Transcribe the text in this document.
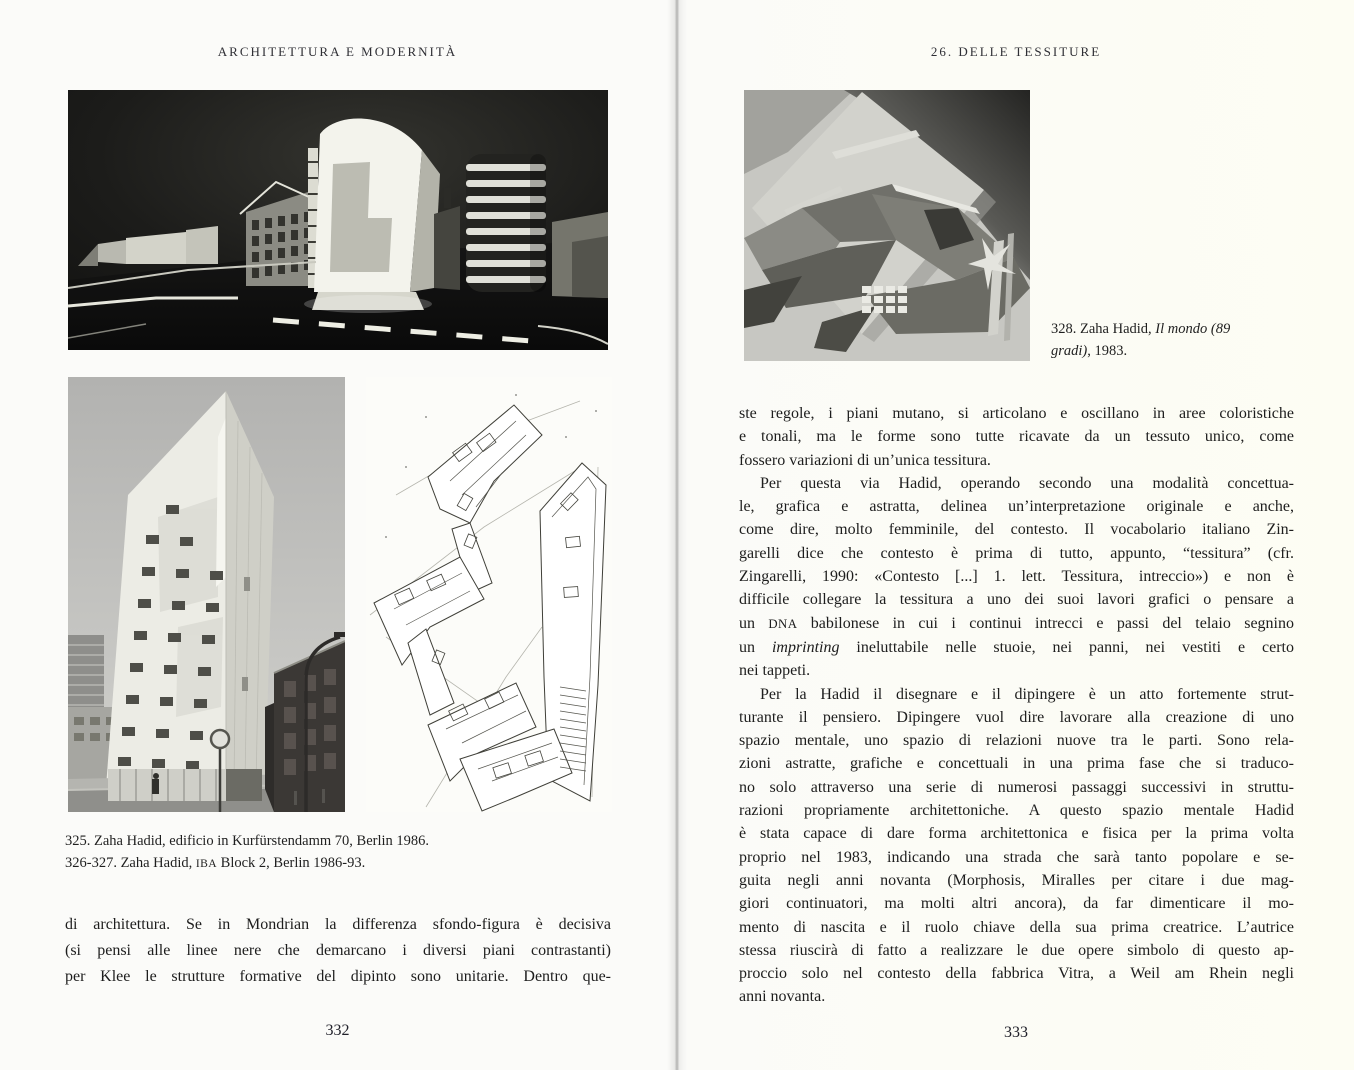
ARCHITETTURA E MODERNITÀ
325. Zaha Hadid, edificio in Kurfürstendamm 70, Berlin 1986.
326-327. Zaha Hadid, IBA Block 2, Berlin 1986-93.
di architettura. Se in Mondrian la differenza sfondo-figura è decisiva
(si pensi alle linee nere che demarcano i diversi piani contrastanti)
per Klee le strutture formative del dipinto sono unitarie. Dentro que-
332
26. DELLE TESSITURE
328. Zaha Hadid, Il mondo (89
gradi), 1983.
ste regole, i piani mutano, si articolano e oscillano in aree coloristiche
e tonali, ma le forme sono tutte ricavate da un tessuto unico, come
fossero variazioni di un’unica tessitura.
Per questa via Hadid, operando secondo una modalità concettua-
le, grafica e astratta, delinea un’interpretazione originale e anche,
come dire, molto femminile, del contesto. Il vocabolario italiano Zin-
garelli dice che contesto è prima di tutto, appunto, “tessitura” (cfr.
Zingarelli, 1990: «Contesto [...] 1. lett. Tessitura, intreccio») e non è
difficile collegare la tessitura a uno dei suoi lavori grafici o pensare a
un DNA babilonese in cui i continui intrecci e passi del telaio segnino
un imprinting ineluttabile nelle stuoie, nei panni, nei vestiti e certo
nei tappeti.
Per la Hadid il disegnare e il dipingere è un atto fortemente strut-
turante il pensiero. Dipingere vuol dire lavorare alla creazione di uno
spazio mentale, uno spazio di relazioni nuove tra le parti. Sono rela-
zioni astratte, grafiche e concettuali in una prima fase che si traduco-
no solo attraverso una serie di numerosi passaggi successivi in struttu-
razioni propriamente architettoniche. A questo spazio mentale Hadid
è stata capace di dare forma architettonica e fisica per la prima volta
proprio nel 1983, indicando una strada che sarà tanto popolare e se-
guita negli anni novanta (Morphosis, Miralles per citare i due mag-
giori continuatori, ma molti altri ancora), da far dimenticare il mo-
mento di nascita e il ruolo chiave della sua prima creatrice. L’autrice
stessa riuscirà di fatto a realizzare le due opere simbolo di questo ap-
proccio solo nel contesto della fabbrica Vitra, a Weil am Rhein negli
anni novanta.
333
